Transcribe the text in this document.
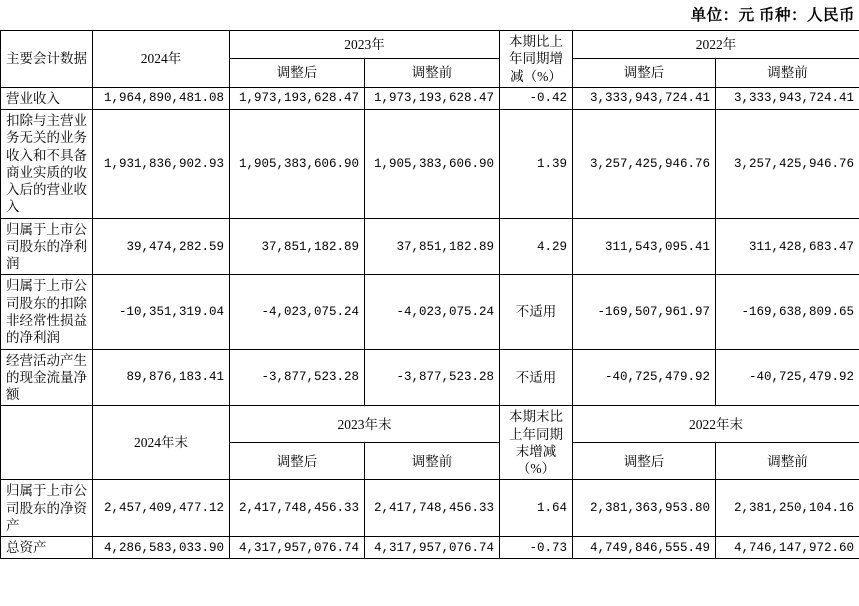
单位：元 币种：人民币
主要会计数据	2024年	2023年		本期比上年同期增减（%）	2022年	
		调整后	调整前		调整后	调整前
营业收入	1,964,890,481.08	1,973,193,628.47	1,973,193,628.47	-0.42	3,333,943,724.41	3,333,943,724.41
扣除与主营业务无关的业务收入和不具备商业实质的收入后的营业收入	1,931,836,902.93	1,905,383,606.90	1,905,383,606.90	1.39	3,257,425,946.76	3,257,425,946.76
归属于上市公司股东的净利润	39,474,282.59	37,851,182.89	37,851,182.89	4.29	311,543,095.41	311,428,683.47
归属于上市公司股东的扣除非经常性损益的净利润	-10,351,319.04	-4,023,075.24	-4,023,075.24	不适用	-169,507,961.97	-169,638,809.65
经营活动产生的现金流量净额	89,876,183.41	-3,877,523.28	-3,877,523.28	不适用	-40,725,479.92	-40,725,479.92
	2024年末	2023年末		本期末比上年同期末增减（%）	2022年末	
		调整后	调整前		调整后	调整前
归属于上市公司股东的净资产	2,457,409,477.12	2,417,748,456.33	2,417,748,456.33	1.64	2,381,363,953.80	2,381,250,104.16
总资产	4,286,583,033.90	4,317,957,076.74	4,317,957,076.74	-0.73	4,749,846,555.49	4,746,147,972.60
